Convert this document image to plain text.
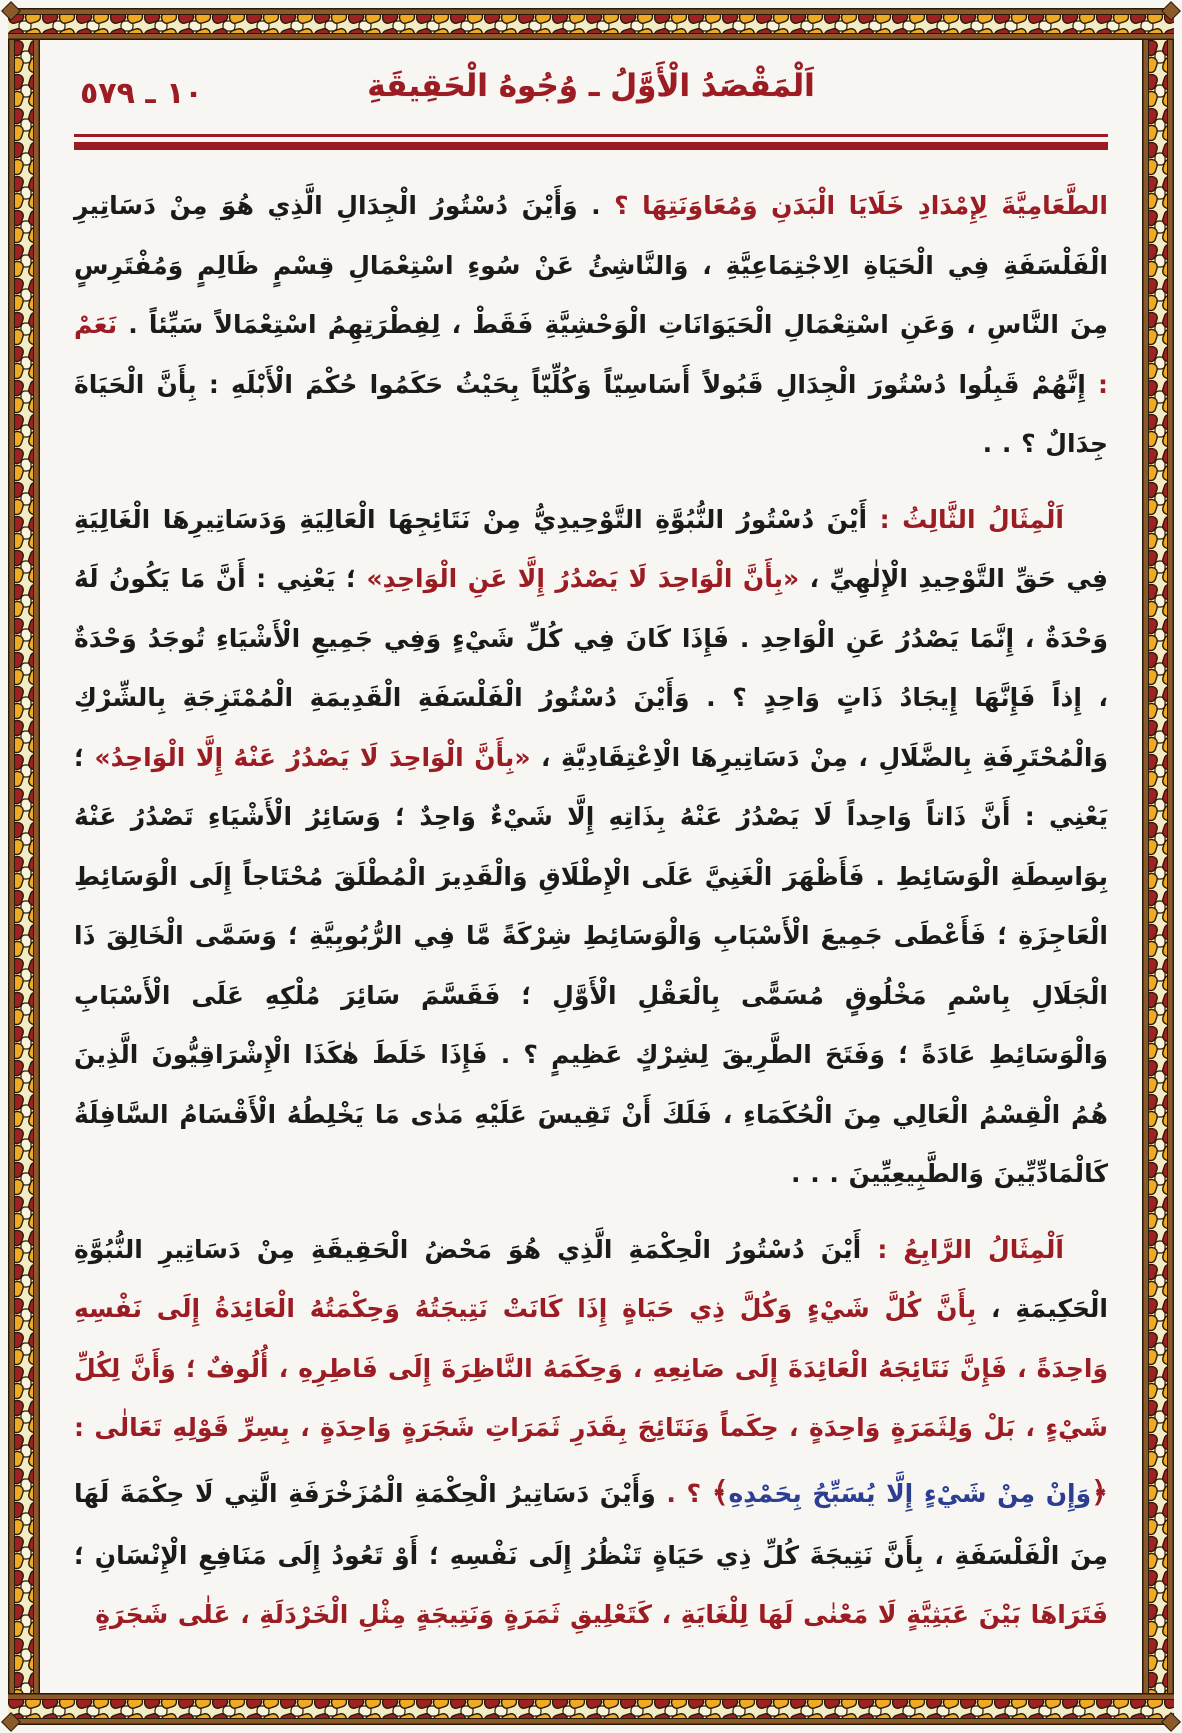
١٠ ـ ٥٧٩	اَلْمَقْصَدُ الْأَوَّلُ ـ وُجُوهُ الْحَقِيقَةِ

الطَّعَامِيَّةَ لِإِمْدَادِ خَلَايَا الْبَدَنِ وَمُعَاوَنَتِهَا ؟ . وَأَيْنَ دُسْتُورُ الْجِدَالِ الَّذِي هُوَ مِنْ دَسَاتِيرِ الْفَلْسَفَةِ فِي الْحَيَاةِ الِاجْتِمَاعِيَّةِ ، وَالنَّاشِئُ عَنْ سُوءِ اسْتِعْمَالِ قِسْمٍ ظَالِمٍ وَمُفْتَرِسٍ مِنَ النَّاسِ ، وَعَنِ اسْتِعْمَالِ الْحَيَوَانَاتِ الْوَحْشِيَّةِ فَقَطْ ، لِفِطْرَتِهِمُ اسْتِعْمَالاً سَيِّئاً . نَعَمْ : إِنَّهُمْ قَبِلُوا دُسْتُورَ الْجِدَالِ قَبُولاً أَسَاسِيّاً وَكُلِّيّاً بِحَيْثُ حَكَمُوا حُكْمَ الْأَبْلَهِ : بِأَنَّ الْحَيَاةَ جِدَالٌ ؟ . .

اَلْمِثَالُ الثَّالِثُ : أَيْنَ دُسْتُورُ النُّبُوَّةِ التَّوْحِيدِيُّ مِنْ نَتَائِجِهَا الْعَالِيَةِ وَدَسَاتِيرِهَا الْغَالِيَةِ فِي حَقِّ التَّوْحِيدِ الْإِلٰهِيِّ ، «بِأَنَّ الْوَاحِدَ لَا يَصْدُرُ إِلَّا عَنِ الْوَاحِدِ» ؛ يَعْنِي : أَنَّ مَا يَكُونُ لَهُ وَحْدَةٌ ، إِنَّمَا يَصْدُرُ عَنِ الْوَاحِدِ . فَإِذَا كَانَ فِي كُلِّ شَيْءٍ وَفِي جَمِيعِ الْأَشْيَاءِ تُوجَدُ وَحْدَةٌ ، إِذاً فَإِنَّهَا إِيجَادُ ذَاتٍ وَاحِدٍ ؟ . وَأَيْنَ دُسْتُورُ الْفَلْسَفَةِ الْقَدِيمَةِ الْمُمْتَزِجَةِ بِالشِّرْكِ وَالْمُحْتَرِفَةِ بِالضَّلَالِ ، مِنْ دَسَاتِيرِهَا الْاِعْتِقَادِيَّةِ ، «بِأَنَّ الْوَاحِدَ لَا يَصْدُرُ عَنْهُ إِلَّا الْوَاحِدُ» ؛ يَعْنِي : أَنَّ ذَاتاً وَاحِداً لَا يَصْدُرُ عَنْهُ بِذَاتِهِ إِلَّا شَيْءٌ وَاحِدٌ ؛ وَسَائِرُ الْأَشْيَاءِ تَصْدُرُ عَنْهُ بِوَاسِطَةِ الْوَسَائِطِ . فَأَظْهَرَ الْغَنِيَّ عَلَى الْإِطْلَاقِ وَالْقَدِيرَ الْمُطْلَقَ مُحْتَاجاً إِلَى الْوَسَائِطِ الْعَاجِزَةِ ؛ فَأَعْطَى جَمِيعَ الْأَسْبَابِ وَالْوَسَائِطِ شِرْكَةً مَّا فِي الرُّبُوبِيَّةِ ؛ وَسَمَّى الْخَالِقَ ذَا الْجَلَالِ بِاسْمِ مَخْلُوقٍ مُسَمًّى بِالْعَقْلِ الْأَوَّلِ ؛ فَقَسَّمَ سَائِرَ مُلْكِهِ عَلَى الْأَسْبَابِ وَالْوَسَائِطِ عَادَةً ؛ وَفَتَحَ الطَّرِيقَ لِشِرْكٍ عَظِيمٍ ؟ . فَإِذَا خَلَطَ هٰكَذَا الْإِشْرَاقِيُّونَ الَّذِينَ هُمُ الْقِسْمُ الْعَالِي مِنَ الْحُكَمَاءِ ، فَلَكَ أَنْ تَقِيسَ عَلَيْهِ مَدٰى مَا يَخْلِطُهُ الْأَقْسَامُ السَّافِلَةُ كَالْمَادِّيِّينَ وَالطَّبِيعِيِّينَ . . .

اَلْمِثَالُ الرَّابِعُ : أَيْنَ دُسْتُورُ الْحِكْمَةِ الَّذِي هُوَ مَحْضُ الْحَقِيقَةِ مِنْ دَسَاتِيرِ النُّبُوَّةِ الْحَكِيمَةِ ، بِأَنَّ كُلَّ شَيْءٍ وَكُلَّ ذِي حَيَاةٍ إِذَا كَانَتْ نَتِيجَتُهُ وَحِكْمَتُهُ الْعَائِدَةُ إِلَى نَفْسِهِ وَاحِدَةً ، فَإِنَّ نَتَائِجَهُ الْعَائِدَةَ إِلَى صَانِعِهِ ، وَحِكَمَهُ النَّاظِرَةَ إِلَى فَاطِرِهِ ، أُلُوفٌ ؛ وَأَنَّ لِكُلِّ شَيْءٍ ، بَلْ وَلِثَمَرَةٍ وَاحِدَةٍ ، حِكَماً وَنَتَائِجَ بِقَدَرِ ثَمَرَاتِ شَجَرَةٍ وَاحِدَةٍ ، بِسِرِّ قَوْلِهِ تَعَالٰى : ﴿وَإِنْ مِنْ شَيْءٍ إِلَّا يُسَبِّحُ بِحَمْدِهِ﴾ ؟ . وَأَيْنَ دَسَاتِيرُ الْحِكْمَةِ الْمُزَخْرَفَةِ الَّتِي لَا حِكْمَةَ لَهَا مِنَ الْفَلْسَفَةِ ، بِأَنَّ نَتِيجَةَ كُلِّ ذِي حَيَاةٍ تَنْظُرُ إِلَى نَفْسِهِ ؛ أَوْ تَعُودُ إِلَى مَنَافِعِ الْإِنْسَانِ ؛ فَتَرَاهَا بَيْنَ عَبَثِيَّةٍ لَا مَعْنٰى لَهَا لِلْغَايَةِ ، كَتَعْلِيقِ ثَمَرَةٍ وَنَتِيجَةٍ مِثْلِ الْخَرْدَلَةِ ، عَلٰى شَجَرَةٍ
